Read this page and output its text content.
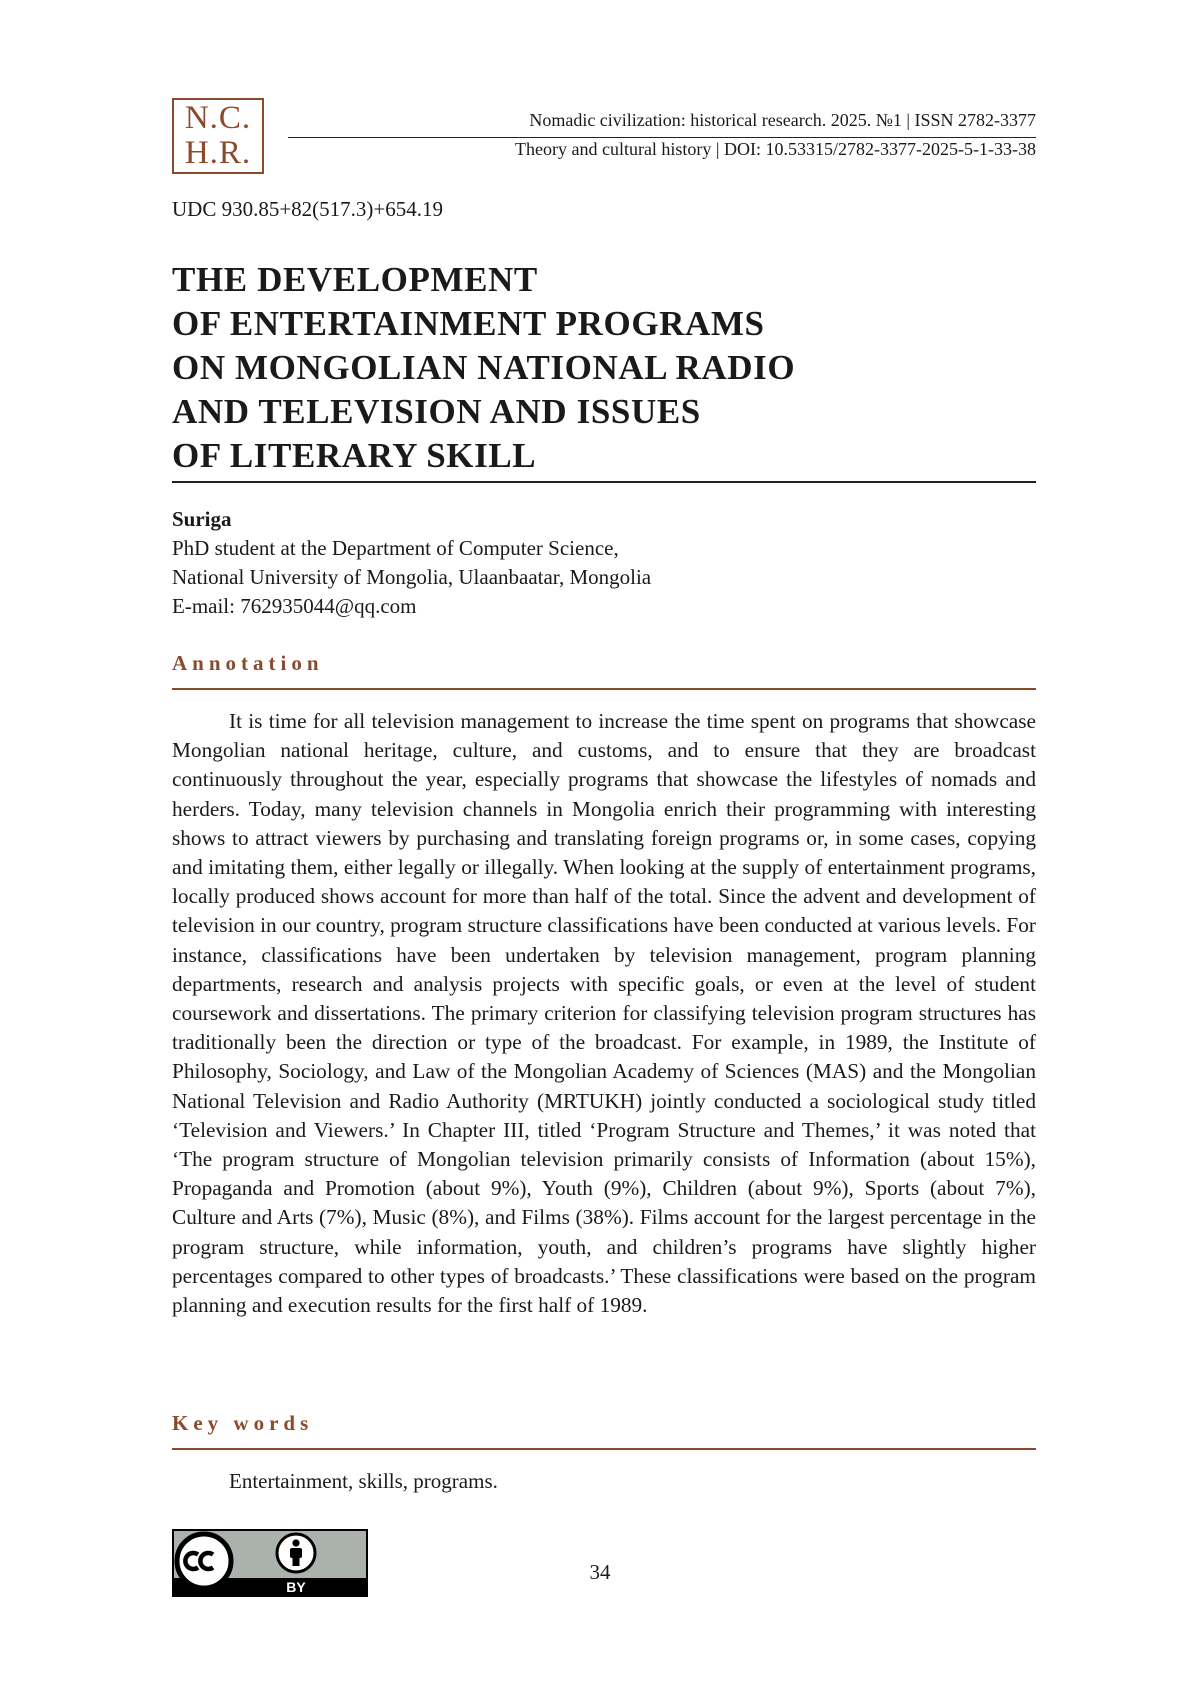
N.C.
H.R.
Nomadic civilization: historical research. 2025. №1 | ISSN 2782-3377
Theory and cultural history | DOI: 10.53315/2782-3377-2025-5-1-33-38
UDC 930.85+82(517.3)+654.19
THE DEVELOPMENT
OF ENTERTAINMENT PROGRAMS
ON MONGOLIAN NATIONAL RADIO
AND TELEVISION AND ISSUES
OF LITERARY SKILL
Suriga
PhD student at the Department of Computer Science,
National University of Mongolia, Ulaanbaatar, Mongolia
E-mail: 762935044@qq.com
Annotation

It is time for all television management to increase the time spent on programs that showcase Mongolian national heritage, culture, and customs, and to ensure that they are broadcast continuously throughout the year, especially programs that showcase the lifestyles of nomads and herders. Today, many television channels in Mongolia enrich their programming with interesting shows to attract viewers by purchasing and translating foreign programs or, in some cases, copying and imitating them, either legally or illegally. When looking at the supply of entertainment programs, locally produced shows account for more than half of the total. Since the advent and development of television in our country, program structure classifications have been conducted at various levels. For instance, classifications have been undertaken by television management, program planning departments, research and analysis projects with specific goals, or even at the level of student coursework and dissertations. The primary criterion for classifying television program structures has traditionally been the direction or type of the broadcast. For example, in 1989, the Institute of Philosophy, Sociology, and Law of the Mongolian Academy of Sciences (MAS) and the Mongolian National Television and Radio Authority (MRTUKH) jointly conducted a sociological study titled ‘Television and Viewers.’ In Chapter III, titled ‘Program Structure and Themes,’ it was noted that ‘The program structure of Mongolian television primarily consists of Information (about 15%), Propaganda and Promotion (about 9%), Youth (9%), Children (about 9%), Sports (about 7%), Culture and Arts (7%), Music (8%), and Films (38%). Films account for the largest percentage in the program structure, while information, youth, and children’s programs have slightly higher percentages compared to other types of broadcasts.’ These classifications were based on the program planning and execution results for the first half of 1989.

Key words
Entertainment, skills, programs.
BY
34
